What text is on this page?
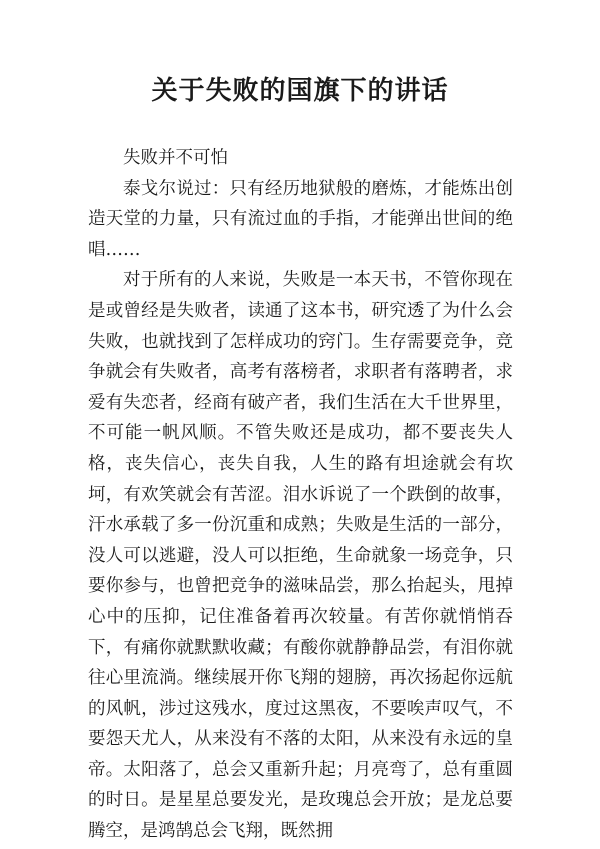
关于失败的国旗下的讲话

失败并不可怕

泰戈尔说过：只有经历地狱般的磨炼，才能炼出创造天堂的力量，只有流过血的手指，才能弹出世间的绝唱……

对于所有的人来说，失败是一本天书，不管你现在是或曾经是失败者，读通了这本书，研究透了为什么会失败，也就找到了怎样成功的窍门。生存需要竞争，竞争就会有失败者，高考有落榜者，求职者有落聘者，求爱有失恋者，经商有破产者，我们生活在大千世界里，不可能一帆风顺。不管失败还是成功，都不要丧失人格，丧失信心，丧失自我，人生的路有坦途就会有坎坷，有欢笑就会有苦涩。泪水诉说了一个跌倒的故事，汗水承载了多一份沉重和成熟；失败是生活的一部分，没人可以逃避，没人可以拒绝，生命就象一场竞争，只要你参与，也曾把竞争的滋味品尝，那么抬起头，甩掉心中的压抑，记住准备着再次较量。有苦你就悄悄吞下，有痛你就默默收藏；有酸你就静静品尝，有泪你就往心里流淌。继续展开你飞翔的翅膀，再次扬起你远航的风帆，涉过这残水，度过这黑夜，不要唉声叹气，不要怨天尤人，从来没有不落的太阳，从来没有永远的皇帝。太阳落了，总会又重新升起；月亮弯了，总有重圆的时日。是星星总要发光，是玫瑰总会开放；是龙总要腾空，是鸿鹄总会飞翔，既然拥
